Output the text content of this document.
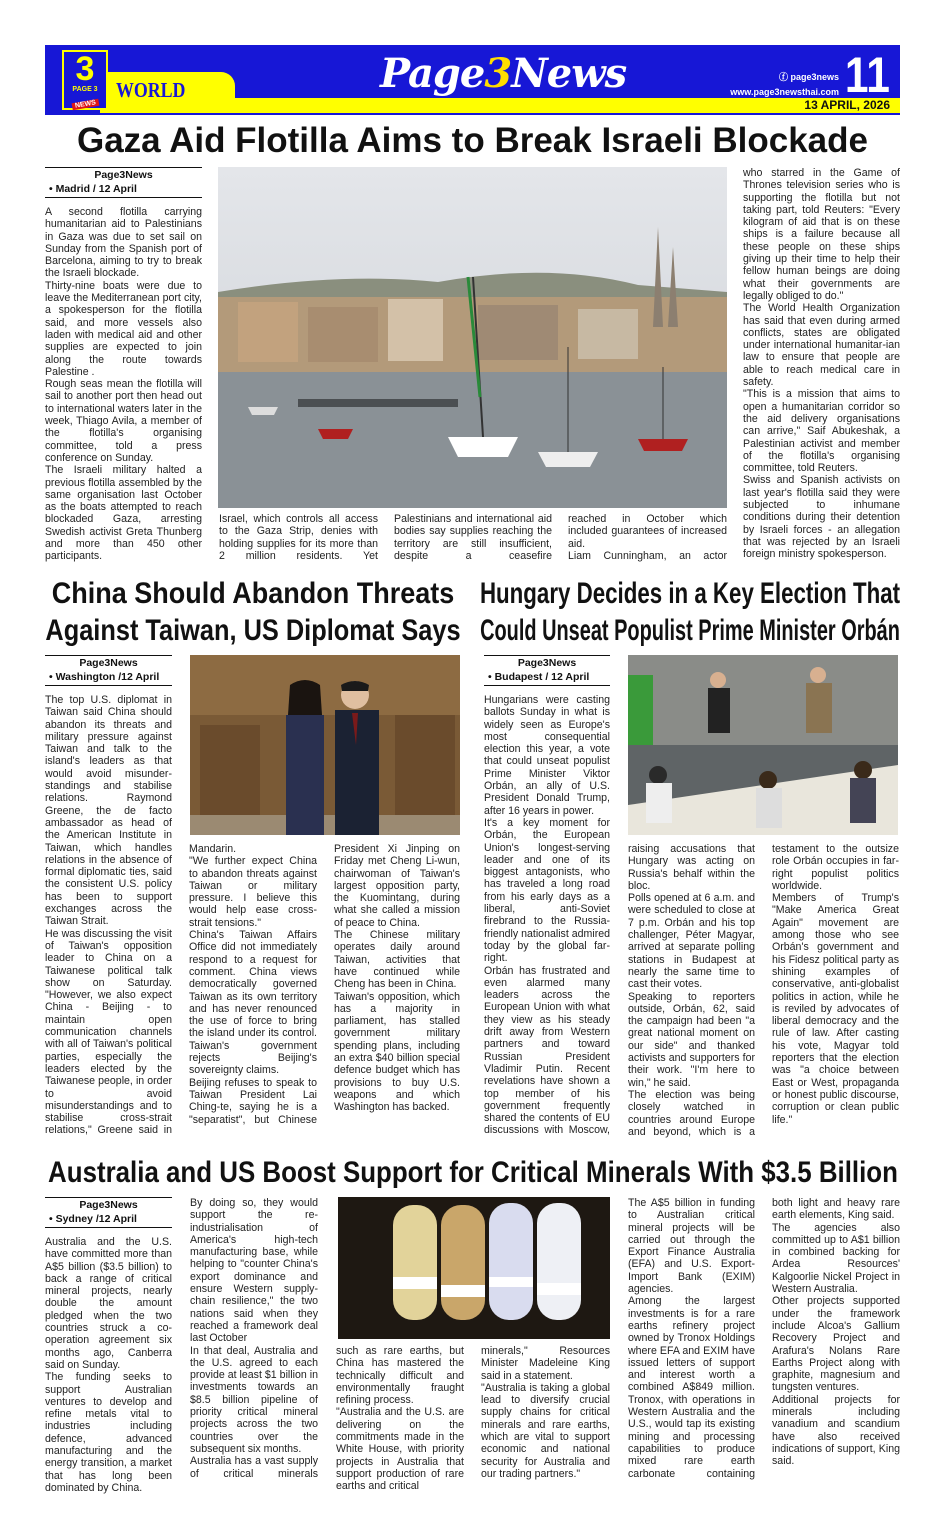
WORLD
3
PAGE 3
NEWS
Page3News	ⓕ page3news
www.page3newsthai.com 11
13 APRIL, 2026
Gaza Aid Flotilla Aims to Break Israeli Blockade
Page3News
• Madrid / 12 April

A second flotilla carrying humanitarian aid to Palestinians in Gaza was due to set sail on Sunday from the Spanish port of Barcelona, aiming to try to break the Israeli blockade.

Thirty-nine boats were due to leave the Mediterranean port city, a spokesperson for the flotilla said, and more vessels also laden with medical aid and other supplies are expected to join along the route towards Palestine .

Rough seas mean the flotilla will sail to another port then head out to international waters later in the week, Thiago Avila, a member of the flotilla's organising committee, told a press conference on Sunday.

The Israeli military halted a previous flotilla assembled by the same organisation last October as the boats attempted to reach blockaded Gaza, arresting Swedish activist Greta Thunberg and more than 450 other participants.

Israel, which controls all access to the Gaza Strip, denies with holding supplies for its more than 2 million residents. Yet

Palestinians and international aid bodies say supplies reaching the territory are still insufficient, despite a ceasefire

reached in October which included guarantees of increased aid.

Liam Cunningham, an actor

who starred in the Game of Thrones television series who is supporting the flotilla but not taking part, told Reuters: "Every kilogram of aid that is on these ships is a failure because all these people on these ships giving up their time to help their fellow human beings are doing what their governments are legally obliged to do."

The World Health Organization has said that even during armed conflicts, states are obligated under international humanitar-ian law to ensure that people are able to reach medical care in safety.

"This is a mission that aims to open a humanitarian corridor so the aid delivery organisations can arrive," Saif Abukeshak, a Palestinian activist and member of the flotilla's organising committee, told Reuters.

Swiss and Spanish activists on last year's flotilla said they were subjected to inhumane conditions during their detention by Israeli forces - an allegation that was rejected by an Israeli foreign ministry spokesperson.

China Should Abandon Threats
Against Taiwan, US Diplomat Says
Page3News
• Washington /12 April

The top U.S. diplomat in Taiwan said China should abandon its threats and military pressure against Taiwan and talk to the island's leaders as that would avoid misunder-standings and stabilise relations. Raymond Greene, the de facto ambassador as head of the American Institute in Taiwan, which handles relations in the absence of formal diplomatic ties, said the consistent U.S. policy has been to support exchanges across the Taiwan Strait.

He was discussing the visit of Taiwan's opposition leader to China on a Taiwanese political talk show on Saturday. "However, we also expect China - Beijing - to maintain open communication channels with all of Taiwan's political parties, especially the leaders elected by the Taiwanese people, in order to avoid misunderstandings and to stabilise cross-strait relations," Greene said in

Mandarin.

"We further expect China to abandon threats against Taiwan or military pressure. I believe this would help ease cross-strait tensions."

China's Taiwan Affairs Office did not immediately respond to a request for comment. China views democratically governed Taiwan as its own territory and has never renounced the use of force to bring the island under its control. Taiwan's government rejects Beijing's sovereignty claims.

Beijing refuses to speak to Taiwan President Lai Ching-te, saying he is a "separatist", but Chinese

President Xi Jinping on Friday met Cheng Li-wun, chairwoman of Taiwan's largest opposition party, the Kuomintang, during what she called a mission of peace to China.

The Chinese military operates daily around Taiwan, activities that have continued while Cheng has been in China.

Taiwan's opposition, which has a majority in parliament, has stalled government military spending plans, including an extra $40 billion special defence budget which has provisions to buy U.S. weapons and which Washington has backed.

Hungary Decides in a Key Election That
Could Unseat Populist Prime Minister Orbán
Page3News
• Budapest / 12 April

Hungarians were casting ballots Sunday in what is widely seen as Europe's most consequential election this year, a vote that could unseat populist Prime Minister Viktor Orbán, an ally of U.S. President Donald Trump, after 16 years in power.

It's a key moment for Orbán, the European Union's longest-serving leader and one of its biggest antagonists, who has traveled a long road from his early days as a liberal, anti-Soviet firebrand to the Russia-friendly nationalist admired today by the global far-right.

Orbán has frustrated and even alarmed many leaders across the European Union with what they view as his steady drift away from Western partners and toward Russian President Vladimir Putin. Recent revelations have shown a top member of his government frequently shared the contents of EU discussions with Moscow,

raising accusations that Hungary was acting on Russia's behalf within the bloc.

Polls opened at 6 a.m. and were scheduled to close at 7 p.m. Orbán and his top challenger, Péter Magyar, arrived at separate polling stations in Budapest at nearly the same time to cast their votes.

Speaking to reporters outside, Orbán, 62, said the campaign had been "a great national moment on our side" and thanked activists and supporters for their work. "I'm here to win," he said.

The election was being closely watched in countries around Europe and beyond, which is a

testament to the outsize role Orbán occupies in far-right populist politics worldwide.

Members of Trump's "Make America Great Again" movement are among those who see Orbán's government and his Fidesz political party as shining examples of conservative, anti-globalist politics in action, while he is reviled by advocates of liberal democracy and the rule of law. After casting his vote, Magyar told reporters that the election was "a choice between East or West, propaganda or honest public discourse, corruption or clean public life."

Australia and US Boost Support for Critical Minerals With $3.5 Billion
Page3News
• Sydney /12 April

Australia and the U.S. have committed more than A$5 billion ($3.5 billion) to back a range of critical mineral projects, nearly double the amount pledged when the two countries struck a co-operation agreement six months ago, Canberra said on Sunday.

The funding seeks to support Australian ventures to develop and refine metals vital to industries including defence, advanced manufacturing and the energy transition, a market that has long been dominated by China.

By doing so, they would support the re-industrialisation of America's high-tech manufacturing base, while helping to "counter China's export dominance and ensure Western supply-chain resilience," the two nations said when they reached a framework deal last October

In that deal, Australia and the U.S. agreed to each provide at least $1 billion in investments towards an $8.5 billion pipeline of priority critical mineral projects across the two countries over the subsequent six months.

Australia has a vast supply of critical minerals

such as rare earths, but China has mastered the technically difficult and environmentally fraught refining process.

"Australia and the U.S. are delivering on the commitments made in the White House, with priority projects in Australia that support production of rare earths and critical

minerals," Resources Minister Madeleine King said in a statement.

"Australia is taking a global lead to diversify crucial supply chains for critical minerals and rare earths, which are vital to support economic and national security for Australia and our trading partners."

The A$5 billion in funding to Australian critical mineral projects will be carried out through the Export Finance Australia (EFA) and U.S. Export-Import Bank (EXIM) agencies.

Among the largest investments is for a rare earths refinery project owned by Tronox Holdings where EFA and EXIM have issued letters of support and interest worth a combined A$849 million. Tronox, with operations in Western Australia and the U.S., would tap its existing mining and processing capabilities to produce mixed rare earth carbonate containing

both light and heavy rare earth elements, King said.

The agencies also committed up to A$1 billion in combined backing for Ardea Resources' Kalgoorlie Nickel Project in Western Australia.

Other projects supported under the framework include Alcoa's Gallium Recovery Project and Arafura's Nolans Rare Earths Project along with graphite, magnesium and tungsten ventures.

Additional projects for minerals including vanadium and scandium have also received indications of support, King said.
